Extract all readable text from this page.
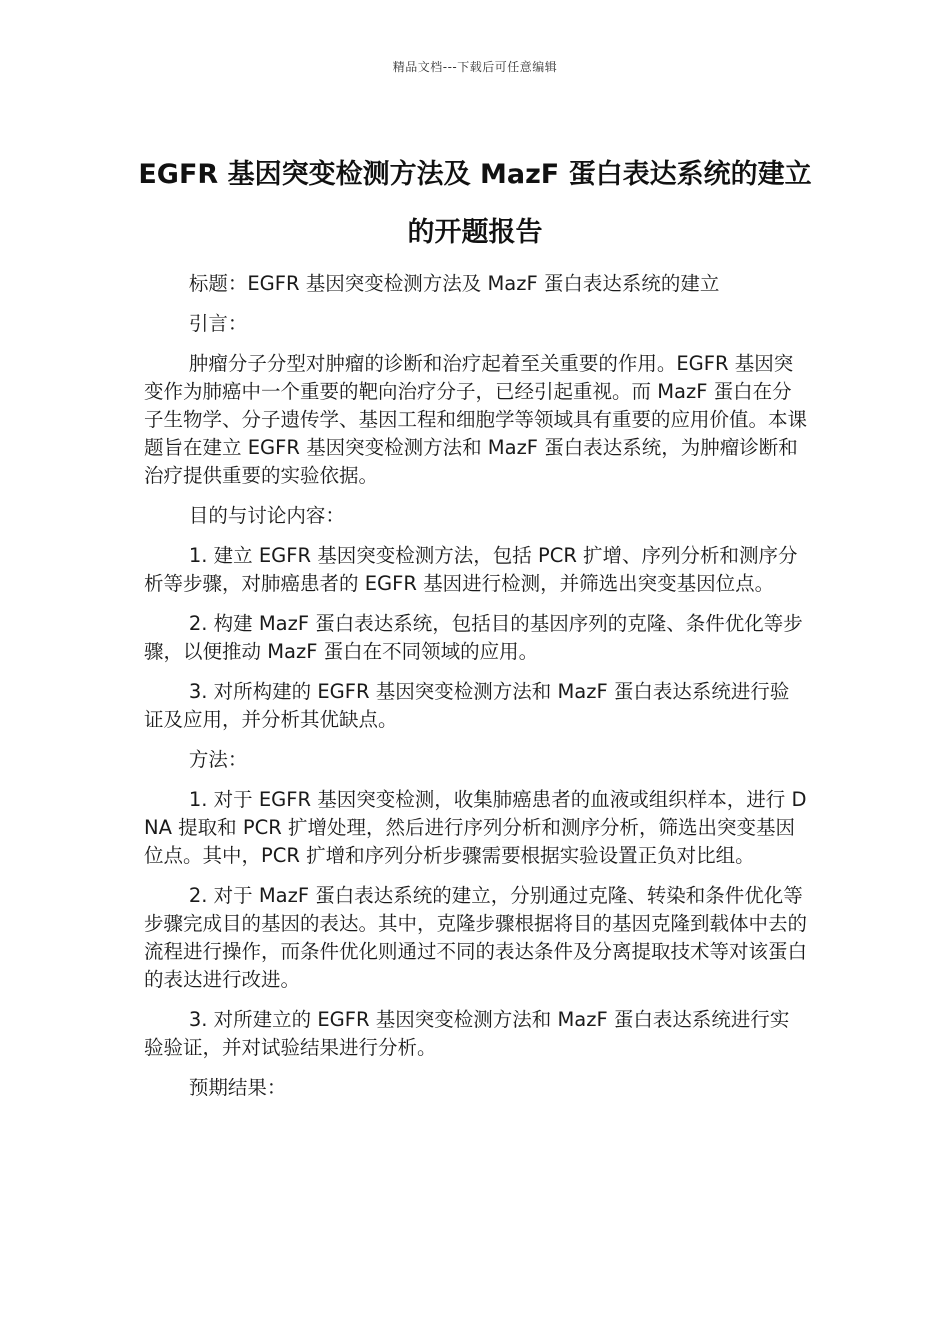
精品文档---下载后可任意编辑
EGFR 基因突变检测方法及 MazF 蛋白表达系统的建立的开题报告

标题：EGFR 基因突变检测方法及 MazF 蛋白表达系统的建立

引言：

肿瘤分子分型对肿瘤的诊断和治疗起着至关重要的作用。EGFR 基因突变作为肺癌中一个重要的靶向治疗分子，已经引起重视。而 MazF 蛋白在分子生物学、分子遗传学、基因工程和细胞学等领域具有重要的应用价值。本课题旨在建立 EGFR 基因突变检测方法和 MazF 蛋白表达系统，为肿瘤诊断和治疗提供重要的实验依据。

目的与讨论内容：

1. 建立 EGFR 基因突变检测方法，包括 PCR 扩增、序列分析和测序分析等步骤，对肺癌患者的 EGFR 基因进行检测，并筛选出突变基因位点。

2. 构建 MazF 蛋白表达系统，包括目的基因序列的克隆、条件优化等步骤，以便推动 MazF 蛋白在不同领域的应用。

3. 对所构建的 EGFR 基因突变检测方法和 MazF 蛋白表达系统进行验证及应用，并分析其优缺点。

方法：

1. 对于 EGFR 基因突变检测，收集肺癌患者的血液或组织样本，进行 DNA 提取和 PCR 扩增处理，然后进行序列分析和测序分析，筛选出突变基因位点。其中，PCR 扩增和序列分析步骤需要根据实验设置正负对比组。

2. 对于 MazF 蛋白表达系统的建立，分别通过克隆、转染和条件优化等步骤完成目的基因的表达。其中，克隆步骤根据将目的基因克隆到载体中去的流程进行操作，而条件优化则通过不同的表达条件及分离提取技术等对该蛋白的表达进行改进。

3. 对所建立的 EGFR 基因突变检测方法和 MazF 蛋白表达系统进行实验验证，并对试验结果进行分析。

预期结果：
